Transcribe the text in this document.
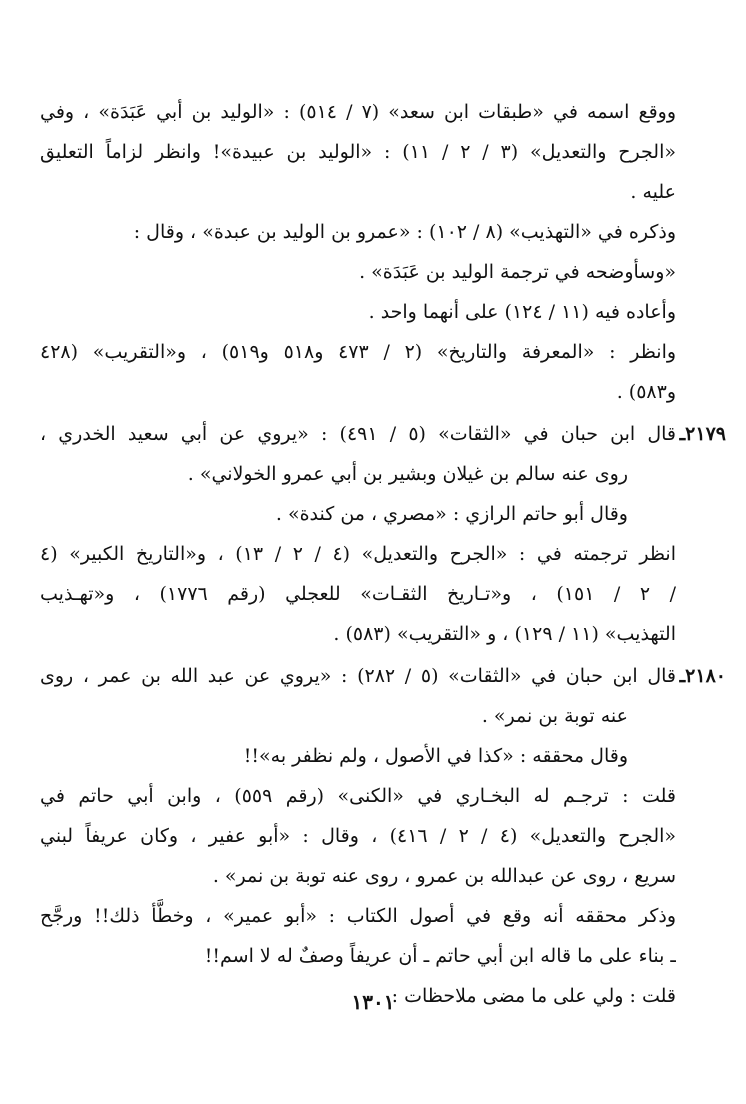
ووقع اسمه في «طبقات ابن سعد» (٧ / ٥١٤) : «الوليد بن أبي عَبَدَة» ، وفي
«الجرح والتعديل» (٣ / ٢ / ١١) : «الوليد بن عبيدة»! وانظر لزاماً التعليق
عليه .
وذكره في «التهذيب» (٨ / ١٠٢) : «عمرو بن الوليد بن عبدة» ، وقال :
«وسأوضحه في ترجمة الوليد بن عَبَدَة» .
وأعاده فيه (١١ / ١٢٤) على أنهما واحد .
وانظر : «المعرفة والتاريخ» (٢ / ٤٧٣ و٥١٨ و٥١٩) ، و«التقريب» (٤٢٨
و٥٨٣) .
٢١٧٩ـ
قال ابن حبان في «الثقات» (٥ / ٤٩١) : «يروي عن أبي سعيد الخدري ،
روى عنه سالم بن غيلان وبشير بن أبي عمرو الخولاني» .
وقال أبو حاتم الرازي : «مصري ، من كندة» .
انظر ترجمته في : «الجرح والتعديل» (٤ / ٢ / ١٣) ، و«التاريخ الكبير» (٤
/ ٢ / ١٥١) ، و«تـاريخ الثقـات» للعجلي (رقم ١٧٧٦) ، و«تهـذيب
التهذيب» (١١ / ١٢٩) ، و «التقريب» (٥٨٣) .
٢١٨٠ـ
قال ابن حبان في «الثقات» (٥ / ٢٨٢) : «يروي عن عبد الله بن عمر ، روى
عنه توبة بن نمر» .
وقال محققه : «كذا في الأصول ، ولم نظفر به»!!
قلت : ترجـم له البخـاري في «الكنى» (رقم ٥٥٩) ، وابن أبي حاتم في
«الجرح والتعديل» (٤ / ٢ / ٤١٦) ، وقال : «أبو عفير ، وكان عريفاً لبني
سريع ، روى عن عبدالله بن عمرو ، روى عنه توبة بن نمر» .
وذكر محققه أنه وقع في أصول الكتاب : «أبو عمير» ، وخطَّأ ذلك!! ورجَّح
ـ بناء على ما قاله ابن أبي حاتم ـ أن عريفاً وصفٌ له لا اسم!!
قلت : ولي على ما مضى ملاحظات :
١٣٠١
